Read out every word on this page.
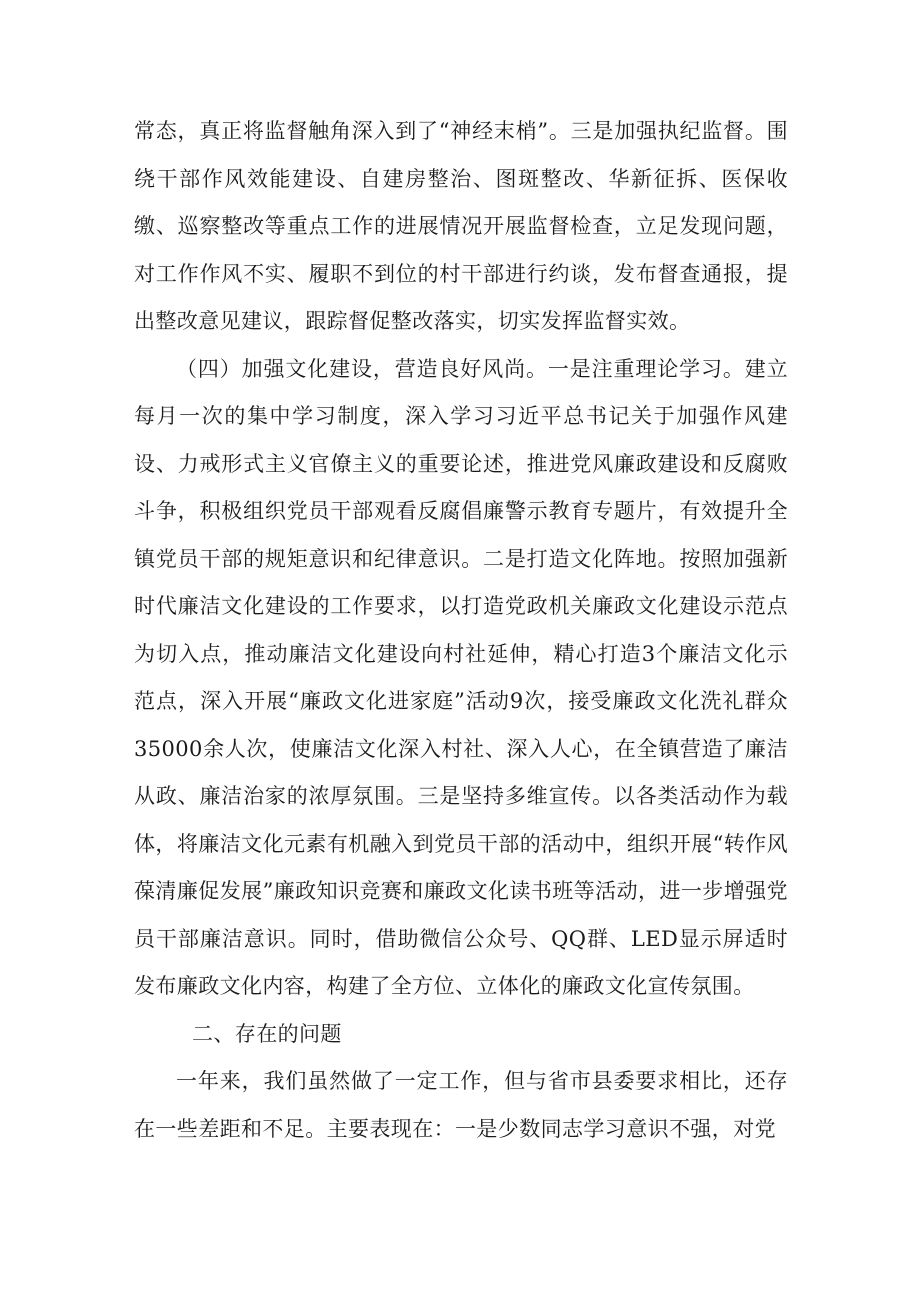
常态，真正将监督触角深入到了“神经末梢”。三是加强执纪监督。围绕干部作风效能建设、自建房整治、图斑整改、华新征拆、医保收缴、巡察整改等重点工作的进展情况开展监督检查，立足发现问题，对工作作风不实、履职不到位的村干部进行约谈，发布督查通报，提出整改意见建议，跟踪督促整改落实，切实发挥监督实效。

（四）加强文化建设，营造良好风尚。一是注重理论学习。建立每月一次的集中学习制度，深入学习习近平总书记关于加强作风建设、力戒形式主义官僚主义的重要论述，推进党风廉政建设和反腐败斗争，积极组织党员干部观看反腐倡廉警示教育专题片，有效提升全镇党员干部的规矩意识和纪律意识。二是打造文化阵地。按照加强新时代廉洁文化建设的工作要求，以打造党政机关廉政文化建设示范点为切入点，推动廉洁文化建设向村社延伸，精心打造3个廉洁文化示范点，深入开展“廉政文化进家庭”活动9次，接受廉政文化洗礼群众35000余人次，使廉洁文化深入村社、深入人心，在全镇营造了廉洁从政、廉洁治家的浓厚氛围。三是坚持多维宣传。以各类活动作为载体，将廉洁文化元素有机融入到党员干部的活动中，组织开展“转作风葆清廉促发展”廉政知识竞赛和廉政文化读书班等活动，进一步增强党员干部廉洁意识。同时，借助微信公众号、QQ群、LED显示屏适时发布廉政文化内容，构建了全方位、立体化的廉政文化宣传氛围。

二、存在的问题

一年来，我们虽然做了一定工作，但与省市县委要求相比，还存在一些差距和不足。主要表现在：一是少数同志学习意识不强，对党
